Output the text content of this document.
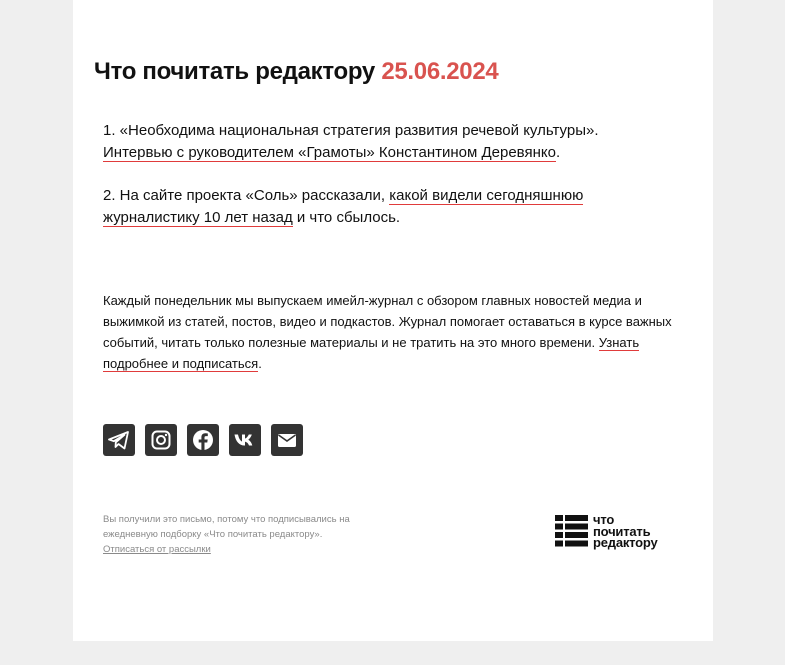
Что почитать редактору 25.06.2024

1. «Необходима национальная стратегия развития речевой культуры».
Интервью с руководителем «Грамоты» Константином Деревянко.

2. На сайте проекта «Соль» рассказали, какой видели сегодняшнюю журналистику 10 лет назад и что сбылось.

Каждый понедельник мы выпускаем имейл-журнал с обзором главных новостей медиа и выжимкой из статей, постов, видео и подкастов. Журнал помогает оставаться в курсе важных событий, читать только полезные материалы и не тратить на это много времени. Узнать подробнее и подписаться.

Вы получили это письмо, потому что подписывались на ежедневную подборку «Что почитать редактору».
Отписаться от рассылки

что
почитать
редактору
